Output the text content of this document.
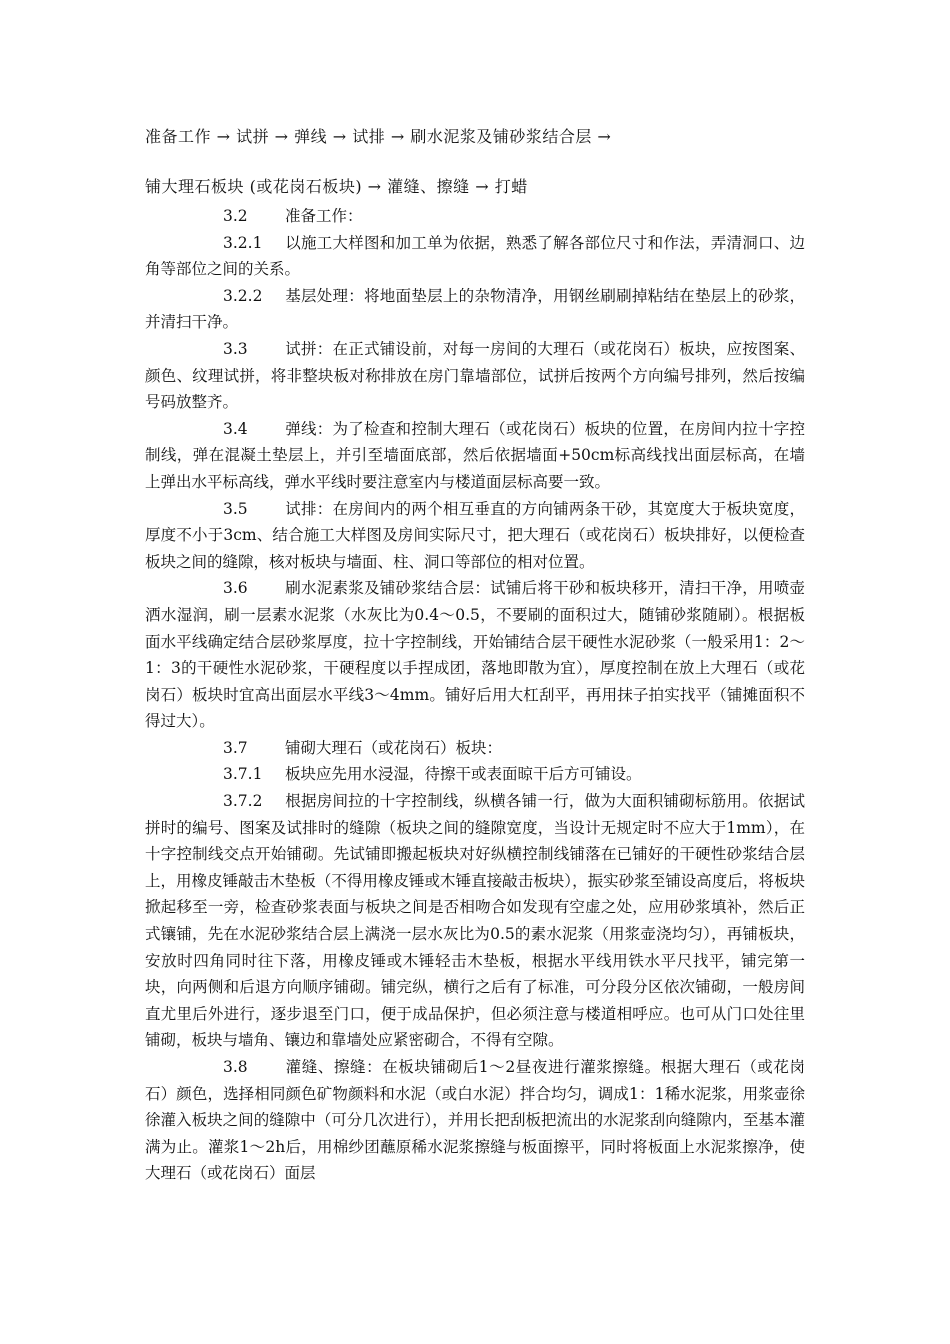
准备工作 → 试拼 → 弹线 → 试排 → 刷水泥浆及铺砂浆结合层 →
铺大理石板块 (或花岗石板块) → 灌缝、擦缝 → 打蜡

3.2 准备工作：

3.2.1 以施工大样图和加工单为依据，熟悉了解各部位尺寸和作法，弄清洞口、边角等部位之间的关系。

3.2.2 基层处理：将地面垫层上的杂物清净，用钢丝刷刷掉粘结在垫层上的砂浆，并清扫干净。

3.3 试拼：在正式铺设前，对每一房间的大理石（或花岗石）板块，应按图案、颜色、纹理试拼，将非整块板对称排放在房门靠墙部位，试拼后按两个方向编号排列，然后按编号码放整齐。

3.4 弹线：为了检查和控制大理石（或花岗石）板块的位置，在房间内拉十字控制线，弹在混凝土垫层上，并引至墙面底部，然后依据墙面+50cm标高线找出面层标高，在墙上弹出水平标高线，弹水平线时要注意室内与楼道面层标高要一致。

3.5 试排：在房间内的两个相互垂直的方向铺两条干砂，其宽度大于板块宽度，厚度不小于3cm、结合施工大样图及房间实际尺寸，把大理石（或花岗石）板块排好，以便检查板块之间的缝隙，核对板块与墙面、柱、洞口等部位的相对位置。

3.6 刷水泥素浆及铺砂浆结合层：试铺后将干砂和板块移开，清扫干净，用喷壶洒水湿润，刷一层素水泥浆（水灰比为0.4～0.5，不要刷的面积过大，随铺砂浆随刷）。根据板面水平线确定结合层砂浆厚度，拉十字控制线，开始铺结合层干硬性水泥砂浆（一般采用1：2～1：3的干硬性水泥砂浆，干硬程度以手捏成团，落地即散为宜），厚度控制在放上大理石（或花岗石）板块时宜高出面层水平线3～4mm。铺好后用大杠刮平，再用抹子拍实找平（铺摊面积不得过大）。

3.7 铺砌大理石（或花岗石）板块：

3.7.1 板块应先用水浸湿，待擦干或表面晾干后方可铺设。

3.7.2 根据房间拉的十字控制线，纵横各铺一行，做为大面积铺砌标筋用。依据试拼时的编号、图案及试排时的缝隙（板块之间的缝隙宽度，当设计无规定时不应大于1mm），在十字控制线交点开始铺砌。先试铺即搬起板块对好纵横控制线铺落在已铺好的干硬性砂浆结合层上，用橡皮锤敲击木垫板（不得用橡皮锤或木锤直接敲击板块），振实砂浆至铺设高度后，将板块掀起移至一旁，检查砂浆表面与板块之间是否相吻合如发现有空虚之处，应用砂浆填补，然后正式镶铺，先在水泥砂浆结合层上满浇一层水灰比为0.5的素水泥浆（用浆壶浇均匀），再铺板块，安放时四角同时往下落，用橡皮锤或木锤轻击木垫板，根据水平线用铁水平尺找平，铺完第一块，向两侧和后退方向顺序铺砌。铺完纵，横行之后有了标准，可分段分区依次铺砌，一般房间直尤里后外进行，逐步退至门口，便于成品保护，但必须注意与楼道相呼应。也可从门口处往里铺砌，板块与墙角、镶边和靠墙处应紧密砌合，不得有空隙。

3.8 灌缝、擦缝：在板块铺砌后1～2昼夜进行灌浆擦缝。根据大理石（或花岗石）颜色，选择相同颜色矿物颜料和水泥（或白水泥）拌合均匀，调成1：1稀水泥浆，用浆壶徐徐灌入板块之间的缝隙中（可分几次进行），并用长把刮板把流出的水泥浆刮向缝隙内，至基本灌满为止。灌浆1～2h后，用棉纱团蘸原稀水泥浆擦缝与板面擦平，同时将板面上水泥浆擦净，使大理石（或花岗石）面层
